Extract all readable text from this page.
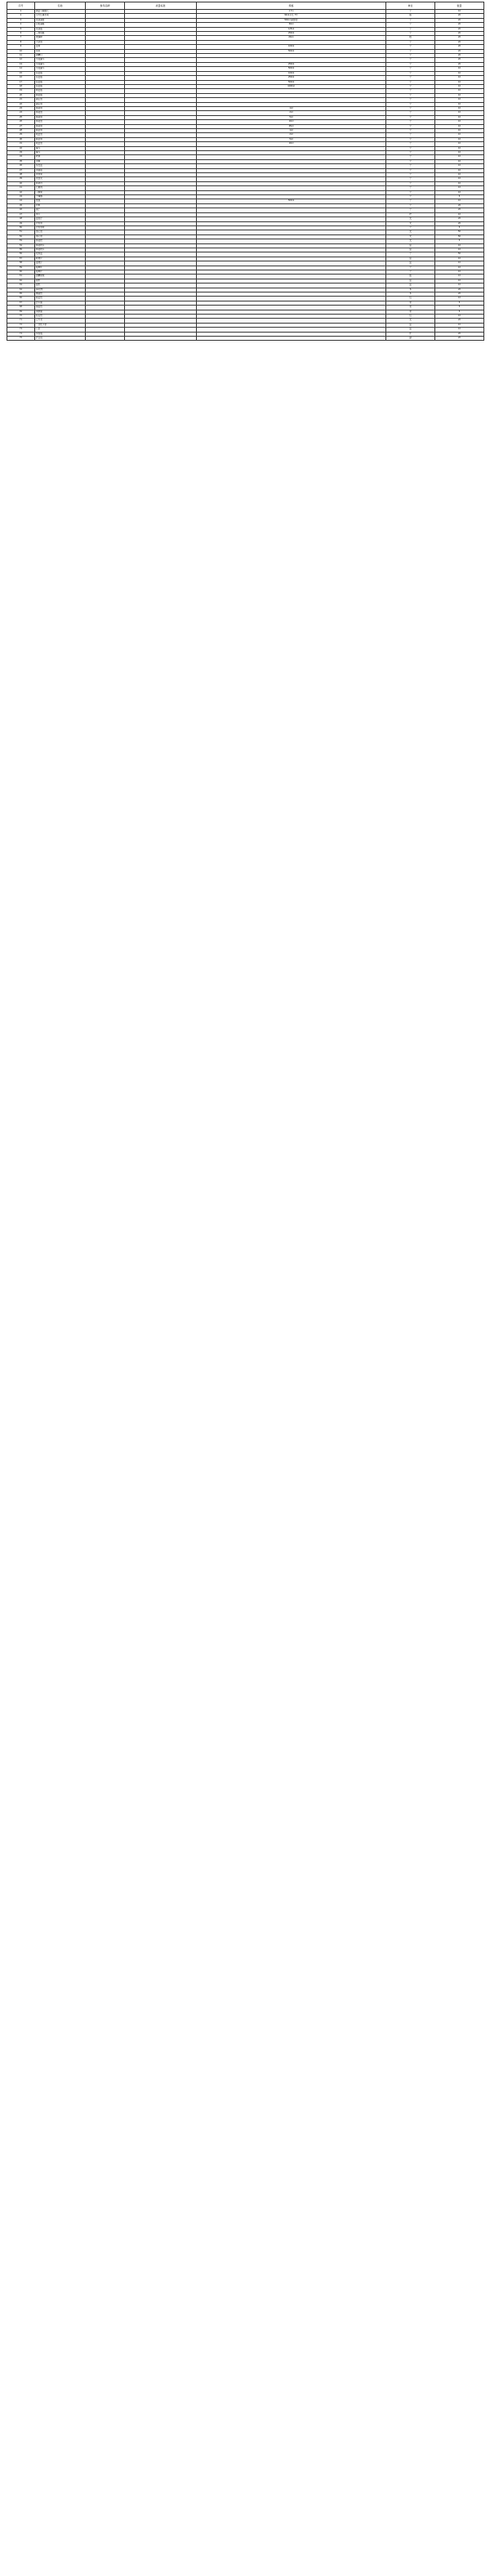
序号	名称	参考品牌	质量标准	规格	单位	数量
1	测量下胸围尺			1.7m	个	10
2	小方红墨水架			90ml 小红 7号	瓶	20
3	试剂滴管			500ml 滴管/套	个	20
4	白色滴瓶			60ml	个	20
5	试剂瓶			125ml	个	20
6	三角烧瓶			250ml	个	20
7	玻璃棒			20cm	根	20
8	大试管				个	20
9	量筒			100ml	个	20
10	烧杯			500ml	个	20
11	酒精灯				个	20
12	分液漏斗				个	20
13	分液漏斗			250ml	个	20
14	分液漏斗			500ml	个	10
15	容量瓶			100ml	个	10
16	容量瓶			250ml	个	10
17	容量瓶			500ml	个	10
18	容量瓶			1000ml	个	10
19	称量瓶				个	10
20	称量瓶				个	10
21	滴定管				个	10
22	滴定管				个	10
23	移液管			1ml	个	10
24	移液管			2ml	个	10
25	移液管			5ml	个	10
26	移液管			10ml	个	10
27	移液管			25ml	个	10
28	吸量管			1ml	个	10
29	吸量管			2ml	个	10
30	吸量管			5ml	个	10
31	吸量管			10ml	个	10
32	漏斗				个	10
33	漏斗				个	10
34	研钵				个	10
35	坩埚				个	10
36	蒸发皿				个	10
37	表面皿				个	10
38	试管架				个	10
39	试管夹				个	10
40	铁架台				个	10
41	石棉网				个	10
42	三脚架				个	10
43	干燥器				个	5
44	洗瓶			500ml	个	10
45	药匙				个	20
46	镊子				个	20
47	剪刀				把	10
48	温度计				支	20
49	比色管				支	20
50	比色管架				个	5
51	离心管				支	50
52	离心管				支	50
53	移液枪				支	5
54	移液枪头				盒	10
55	移液枪头				盒	10
56	培养皿				个	50
57	载玻片				盒	10
58	盖玻片				盒	10
59	接种环				个	10
60	接种针				个	10
61	酒精棉球				瓶	10
62	滤纸				盒	10
63	滤纸				盒	10
64	pH试纸				本	20
65	擦镜纸				本	20
66	称量纸				包	10
67	封口膜				卷	5
68	锡箔纸				卷	5
69	保鲜膜				卷	5
70	标签纸				包	10
71	记号笔				支	20
72	一次性手套				盒	10
73	口罩				盒	10
74	实验服				件	20
75	护目镜				副	20
